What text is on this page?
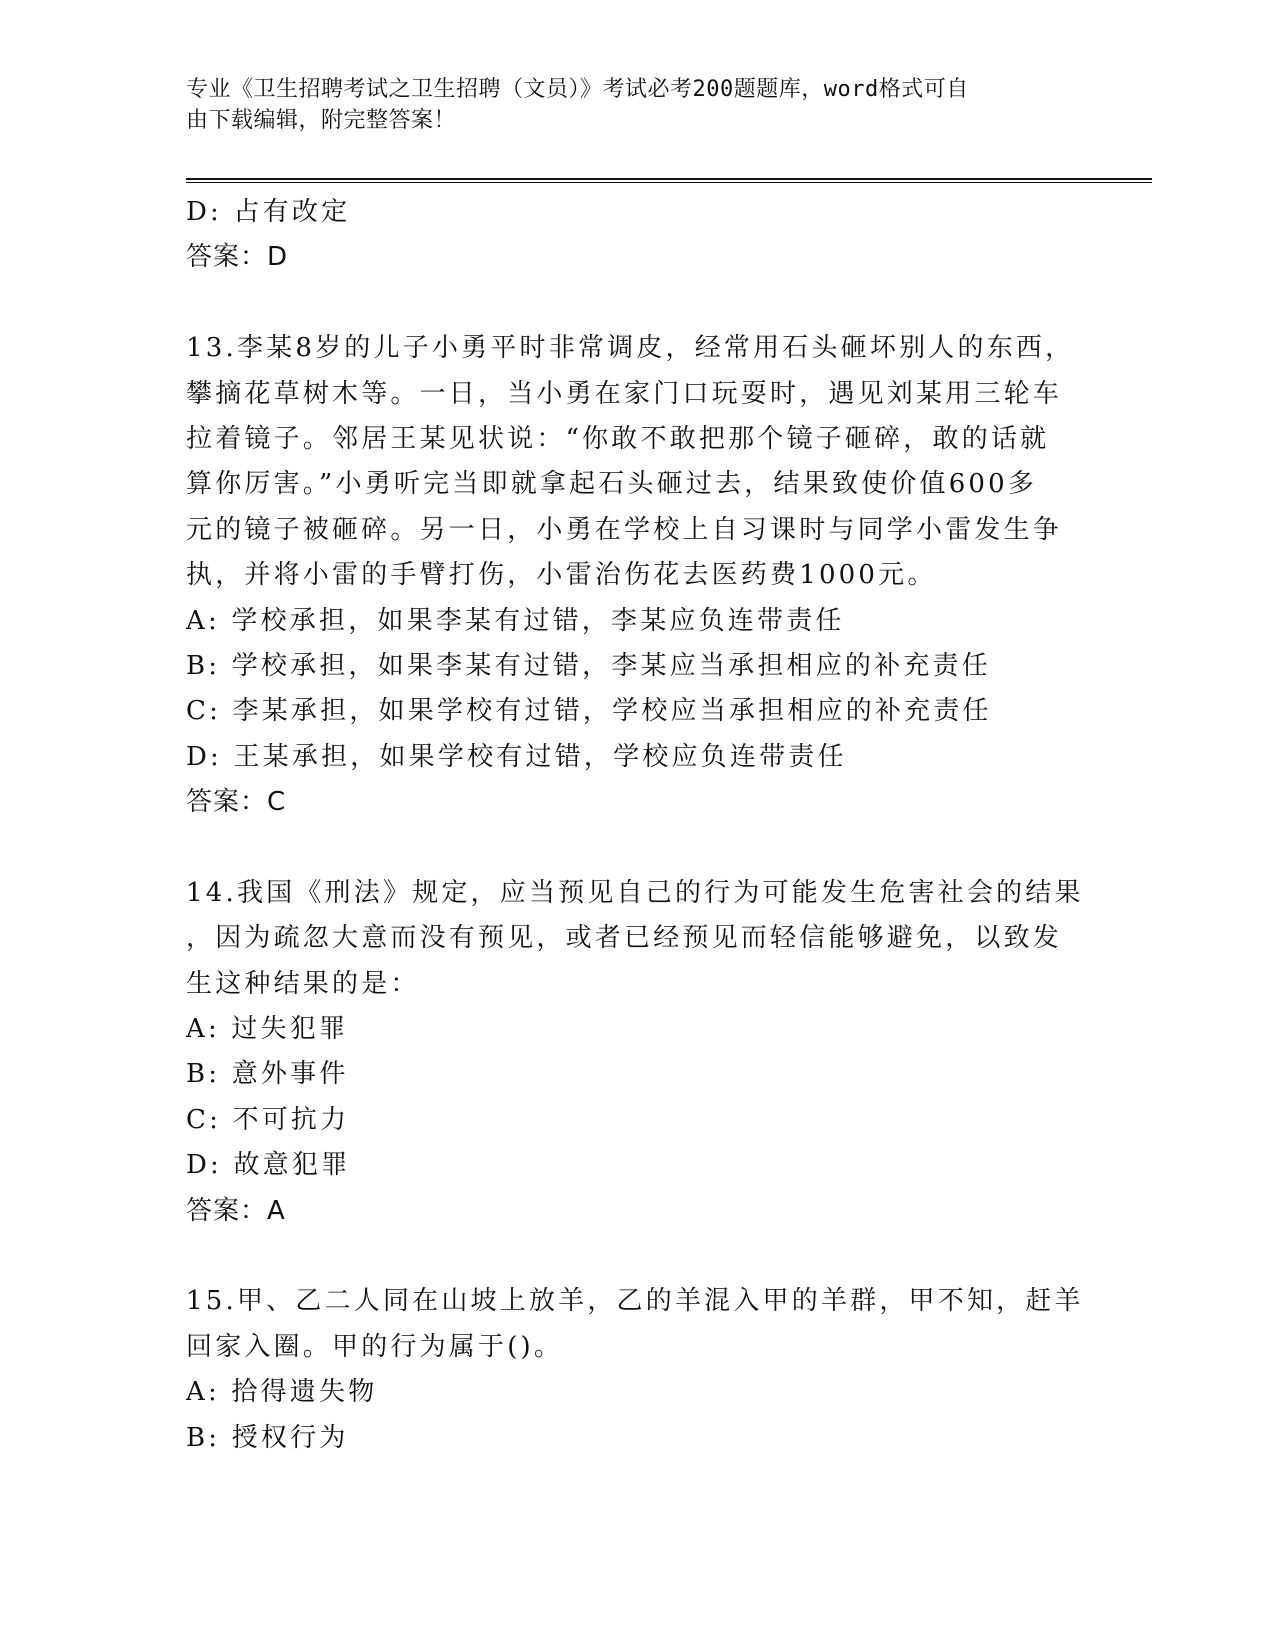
专业《卫生招聘考试之卫生招聘（文员）》考试必考200题题库，word格式可自
由下载编辑，附完整答案！
D: 占有改定
答案：D
13.李某8岁的儿子小勇平时非常调皮，经常用石头砸坏别人的东西，
攀摘花草树木等。一日，当小勇在家门口玩耍时，遇见刘某用三轮车
拉着镜子。邻居王某见状说：“你敢不敢把那个镜子砸碎，敢的话就
算你厉害。”小勇听完当即就拿起石头砸过去，结果致使价值600多
元的镜子被砸碎。另一日，小勇在学校上自习课时与同学小雷发生争
执，并将小雷的手臂打伤，小雷治伤花去医药费1000元。
A: 学校承担，如果李某有过错，李某应负连带责任
B: 学校承担，如果李某有过错，李某应当承担相应的补充责任
C: 李某承担，如果学校有过错，学校应当承担相应的补充责任
D: 王某承担，如果学校有过错，学校应负连带责任
答案：C
14.我国《刑法》规定，应当预见自己的行为可能发生危害社会的结果
，因为疏忽大意而没有预见，或者已经预见而轻信能够避免，以致发
生这种结果的是：
A: 过失犯罪
B: 意外事件
C: 不可抗力
D: 故意犯罪
答案：A
15.甲、乙二人同在山坡上放羊，乙的羊混入甲的羊群，甲不知，赶羊
回家入圈。甲的行为属于()。
A: 拾得遗失物
B: 授权行为
